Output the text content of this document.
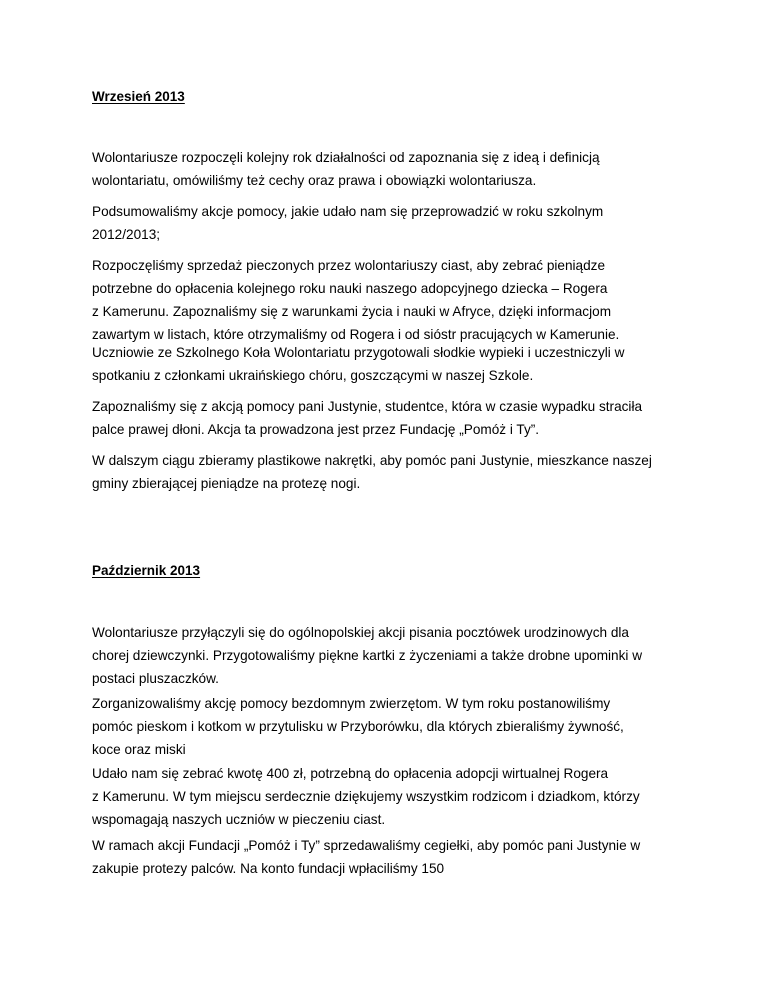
Wrzesień 2013
Wolontariusze rozpoczęli kolejny rok działalności od zapoznania się z ideą i definicją
wolontariatu, omówiliśmy też cechy oraz prawa i obowiązki wolontariusza.
Podsumowaliśmy akcje pomocy, jakie udało nam się przeprowadzić w roku szkolnym
2012/2013;
Rozpoczęliśmy sprzedaż pieczonych przez wolontariuszy ciast, aby zebrać pieniądze
potrzebne do opłacenia kolejnego roku nauki naszego adopcyjnego dziecka – Rogera
z Kamerunu. Zapoznaliśmy się z warunkami życia i nauki w Afryce, dzięki informacjom
zawartym w listach, które otrzymaliśmy od Rogera i od sióstr pracujących w Kamerunie.
Uczniowie ze Szkolnego Koła Wolontariatu przygotowali słodkie wypieki i uczestniczyli w
spotkaniu z członkami ukraińskiego chóru, goszczącymi w naszej Szkole.
Zapoznaliśmy się z akcją pomocy pani Justynie, studentce, która w czasie wypadku straciła
palce prawej dłoni. Akcja ta prowadzona jest przez Fundację „Pomóż i Ty”.
W dalszym ciągu zbieramy plastikowe nakrętki, aby pomóc pani Justynie, mieszkance naszej
gminy zbierającej pieniądze na protezę nogi.
Październik 2013
Wolontariusze przyłączyli się do ogólnopolskiej akcji pisania pocztówek urodzinowych dla
chorej dziewczynki. Przygotowaliśmy piękne kartki z życzeniami a także drobne upominki w
postaci pluszaczków.
Zorganizowaliśmy akcję pomocy bezdomnym zwierzętom. W tym roku postanowiliśmy
pomóc pieskom i kotkom w przytulisku w Przyborówku, dla których zbieraliśmy żywność,
koce oraz miski
Udało nam się zebrać kwotę 400 zł, potrzebną do opłacenia adopcji wirtualnej Rogera
z Kamerunu. W tym miejscu serdecznie dziękujemy wszystkim rodzicom i dziadkom, którzy
wspomagają naszych uczniów w pieczeniu ciast.
W ramach akcji Fundacji „Pomóż i Ty” sprzedawaliśmy cegiełki, aby pomóc pani Justynie w
zakupie protezy palców. Na konto fundacji wpłaciliśmy 150
